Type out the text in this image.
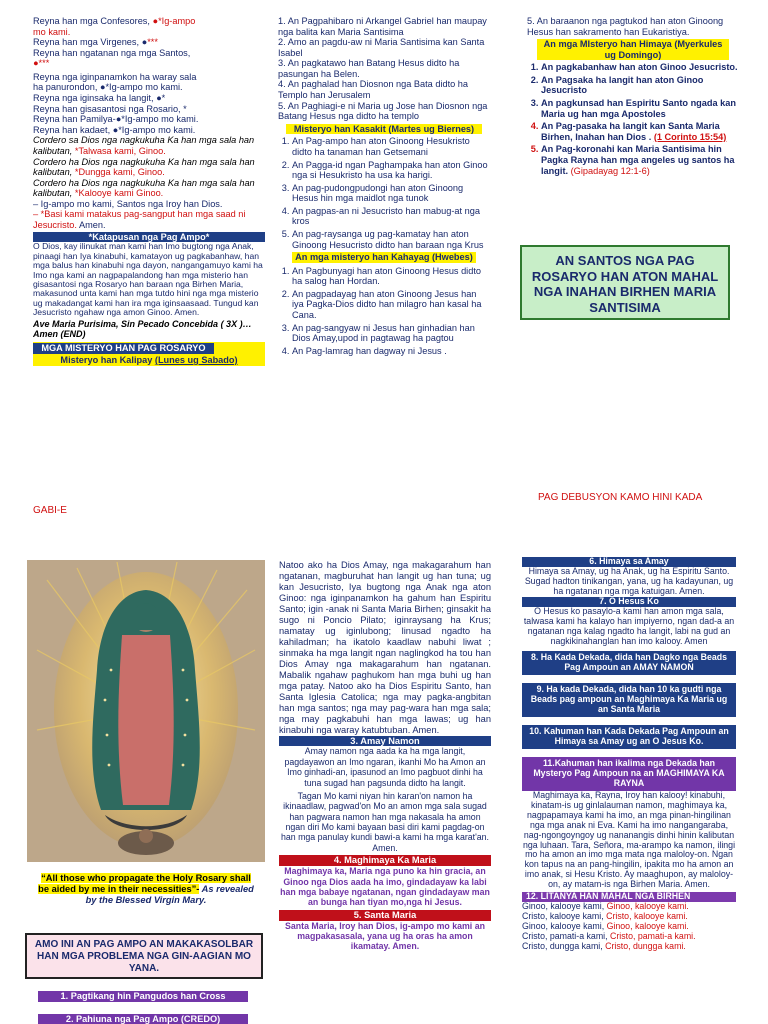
Reyna han mga Confesores, ●*Ig-ampo
mo kami.
Reyna han mga Virgenes, ●***
Reyna han ngatanan nga mga Santos,
●***
Reyna nga iginpanamkon ha waray sala
ha panurondon, ●*Ig-ampo mo kami.
Reyna nga iginsaka ha langit, ●*
Reyna han gisasantosi nga Rosario, *
Reyna han Pamilya-●*Ig-ampo mo kami.
Reyna han kadaet, ●*Ig-ampo mo kami.
Cordero sa Dios nga nagkukuha Ka han mga sala han kalibutan, *Talwasa kami, Ginoo.
Cordero ha Dios nga nagkukuha Ka han mga sala han kalibutan, *Dungga kami, Ginoo.
Cordero ha Dios nga nagkukuha Ka han mga sala han kalibutan, *Kalooye kami Ginoo.
– Ig-ampo mo kami, Santos nga Iroy han Dios.
– *Basi kami matakus pag-sangput han mga saad ni Jesucristo. Amen.
*Katapusan nga Pag Ampo*
O Dios, kay ilinukat man kami han Imo bugtong nga Anak, pinaagi han Iya kinabuhi, kamatayon ug pagkabanhaw, han mga balus han kinabuhi nga dayon, nangangamuyo kami ha Imo nga kami an nagpapalandong han mga misterio han gisasantosi nga Rosaryo han baraan nga Birhen Maria, makasunod unta kami han mga tutdo hini nga mga misterio ug makadangat kami han ira mga iginsaasaad. Tungud kan Jesucristo ngahaw nga amon Ginoo. Amen.
Ave Maria Purisima, Sin Pecado Concebida ( 3X )… Amen (END)
MGA MISTERYO HAN PAG ROSARYO
Misteryo han Kalipay (Lunes ug Sabado)
GABI-E
1. An Pagpahibaro ni Arkangel Gabriel han maupay nga balita kan Maria Santisima
2. Amo an pagdu-aw ni Maria Santisima kan Santa Isabel
3. An pagkatawo han Batang Hesus didto ha pasungan ha Belen.
4. An paghalad han Diosnon nga Bata didto ha Templo han Jerusalem
5. An Paghiagi-e ni Maria ug Jose han Diosnon nga Batang Hesus nga didto ha templo
Misteryo han Kasakit (Martes ug Biernes)
1. An Pag-ampo han aton Ginoong Hesukristo didto ha tanaman han Getsemani
2. An Pagga-id ngan Paghampaka han aton Ginoo nga si Hesukristo ha usa ka harigi.
3. An pag-pudongpudongi han aton Ginoong Hesus hin mga maidlot nga tunok
4. An pagpas-an ni Jesucristo han mabug-at nga kros
5. An pag-raysanga ug pag-kamatay han aton Ginoong Hesucristo didto han baraan nga Krus
An mga misteryo han Kahayag (Hwebes)
1. An Pagbunyagi han aton Ginoong Hesus didto ha salog han Hordan.
2. An pagpadayag han aton Ginoong Jesus han iya Pagka-Dios didto han milagro han kasal ha Cana.
3. An pag-sangyaw ni Jesus han ginhadian han Dios Amay,upod in pagtawag ha pagtou
4. An Pag-lamrag han dagway ni Jesus .
PAG DEBUSYON KAMO HINI KADA
5. An baraanon nga pagtukod han aton Ginoong Hesus han sakramento han Eukaristiya.
An mga MIsteryo han Himaya (Myerkules ug Domingo)
1. An pagkabanhaw han aton Ginoo Jesucristo.
2. An Pagsaka ha langit han aton Ginoo Jesucristo
3. An pagkunsad han Espiritu Santo ngada kan Maria ug han mga Apostoles
4. An Pag-pasaka ha langit kan Santa Maria Birhen, Inahan han Dios . (1 Corinto 15:54)
5. An Pag-koronahi kan Maria Santisima hin Pagka Rayna han mga angeles ug santos ha langit. (Gipadayag 12:1-6)
AN SANTOS NGA PAG ROSARYO HAN ATON MAHAL NGA INAHAN BIRHEN MARIA SANTISIMA
“All those who propagate the Holy Rosary shall be aided by me in their necessities”- As revealed by the Blessed Virgin Mary.
AMO INI AN PAG AMPO AN MAKAKASOLBAR HAN MGA PROBLEMA NGA GIN-AAGIAN MO YANA.
1. Pagtikang hin Pangudos han Cross
2. Pahiuna nga Pag Ampo (CREDO)
Natoo ako ha Dios Amay, nga makagarahum han ngatanan, magburuhat han langit ug han tuna; ug kan Jesucristo, Iya bugtong nga Anak nga aton Ginoo: nga iginpanamkon ha gahum han Espiritu Santo; igin -anak ni Santa Maria Birhen; ginsakit ha sugo ni Poncio Pilato; iginraysang ha Krus; namatay ug iginlubong; linusad ngadto ha kahiladman; ha ikatolo kaadlaw nabuhi liwat ; sinmaka ha mga langit ngan naglingkod ha tou han Dios Amay nga makagarahum han ngatanan. Mabalik ngahaw paghukom han mga buhi ug han mga patay. Natoo ako ha Dios Espiritu Santo, han Santa Iglesia Catolica; nga may pagka-angbitan han mga santos; nga may pag-wara han mga sala; nga may pagkabuhi han mga lawas; ug han kinabuhi nga waray katubtuban. Amen.
3. Amay Namon
Amay namon nga aada ka ha mga langit, pagdayawon an Imo ngaran, ikanhi Mo ha Amon an Imo ginhadi-an, ipasunod an Imo pagbuot dinhi ha tuna sugad han pagsunda didto ha langit.
Tagan Mo kami niyan hin karan'on namon ha ikinaadlaw, pagwad'on Mo an amon mga sala sugad han pagwara namon han mga nakasala ha amon ngan diri Mo kami bayaan basi diri kami pagdag-on han mga panulay kundi bawi-a kami ha mga karat'an. Amen.
4. Maghimaya Ka Maria
Maghimaya ka, Maria nga puno ka hin gracia, an Ginoo nga Dios aada ha imo, gindadayaw ka labi han mga babaye ngatanan, ngan gindadayaw man an bunga han tiyan mo,nga hi Jesus.
5. Santa Maria
Santa Maria, Iroy han Dios, ig-ampo mo kami an magpakasasala, yana ug ha oras ha amon ikamatay. Amen.
6. Himaya sa Amay
Himaya sa Amay, ug ha Anak, ug ha Espiritu Santo. Sugad hadton tinikangan, yana, ug ha kadayunan, ug ha ngatanan nga mga katuigan. Amen.
7. O Hesus Ko
O Hesus ko pasaylo-a kami han amon mga sala, talwasa kami ha kalayo han impiyerno, ngan dad-a an ngatanan nga kalag ngadto ha langit, labi na gud an nagkikinahanglan han imo kalooy. Amen
8. Ha Kada Dekada, dida han Dagko nga Beads Pag Ampoun an AMAY NAMON
9. Ha kada Dekada, dida han 10 ka gudti nga Beads pag ampoun an Maghimaya Ka Maria ug an Santa Maria
10. Kahuman han Kada Dekada Pag Ampoun an Himaya sa Amay ug an O Jesus Ko.
11.Kahuman han ikalima nga Dekada han Mysteryo Pag Ampoun na an MAGHIMAYA KA RAYNA
Maghimaya ka, Rayna, Iroy han kalooy! kinabuhi, kinatam-is ug ginlalauman namon, maghimaya ka, nagpapamaya kami ha imo, an mga pinan-hingilinan nga mga anak ni Eva. Kami ha imo nangangaraba, nag-ngongoyngoy ug nananangis dinhi hinin kalibutan nga luhaan. Tara, Señora, ma-arampo ka namon, ilingi mo ha amon an imo mga mata nga maloloy-on. Ngan kon tapus na an pang-hingilin, ipakita mo ha amon an imo anak, si Hesu Kristo. Ay maaghupon, ay maloloy-on, ay matam-is nga Birhen Maria. Amen.
12. LITANYA HAN MAHAL NGA BIRHEN
Ginoo, kalooye kami, Ginoo, kalooye kami.
Cristo, kalooye kami, Cristo, kalooye kami.
Ginoo, kalooye kami, Ginoo, kalooye kami.
Cristo, pamati-a kami, Cristo, pamati-a kami.
Cristo, dungga kami, Cristo, dungga kami.
